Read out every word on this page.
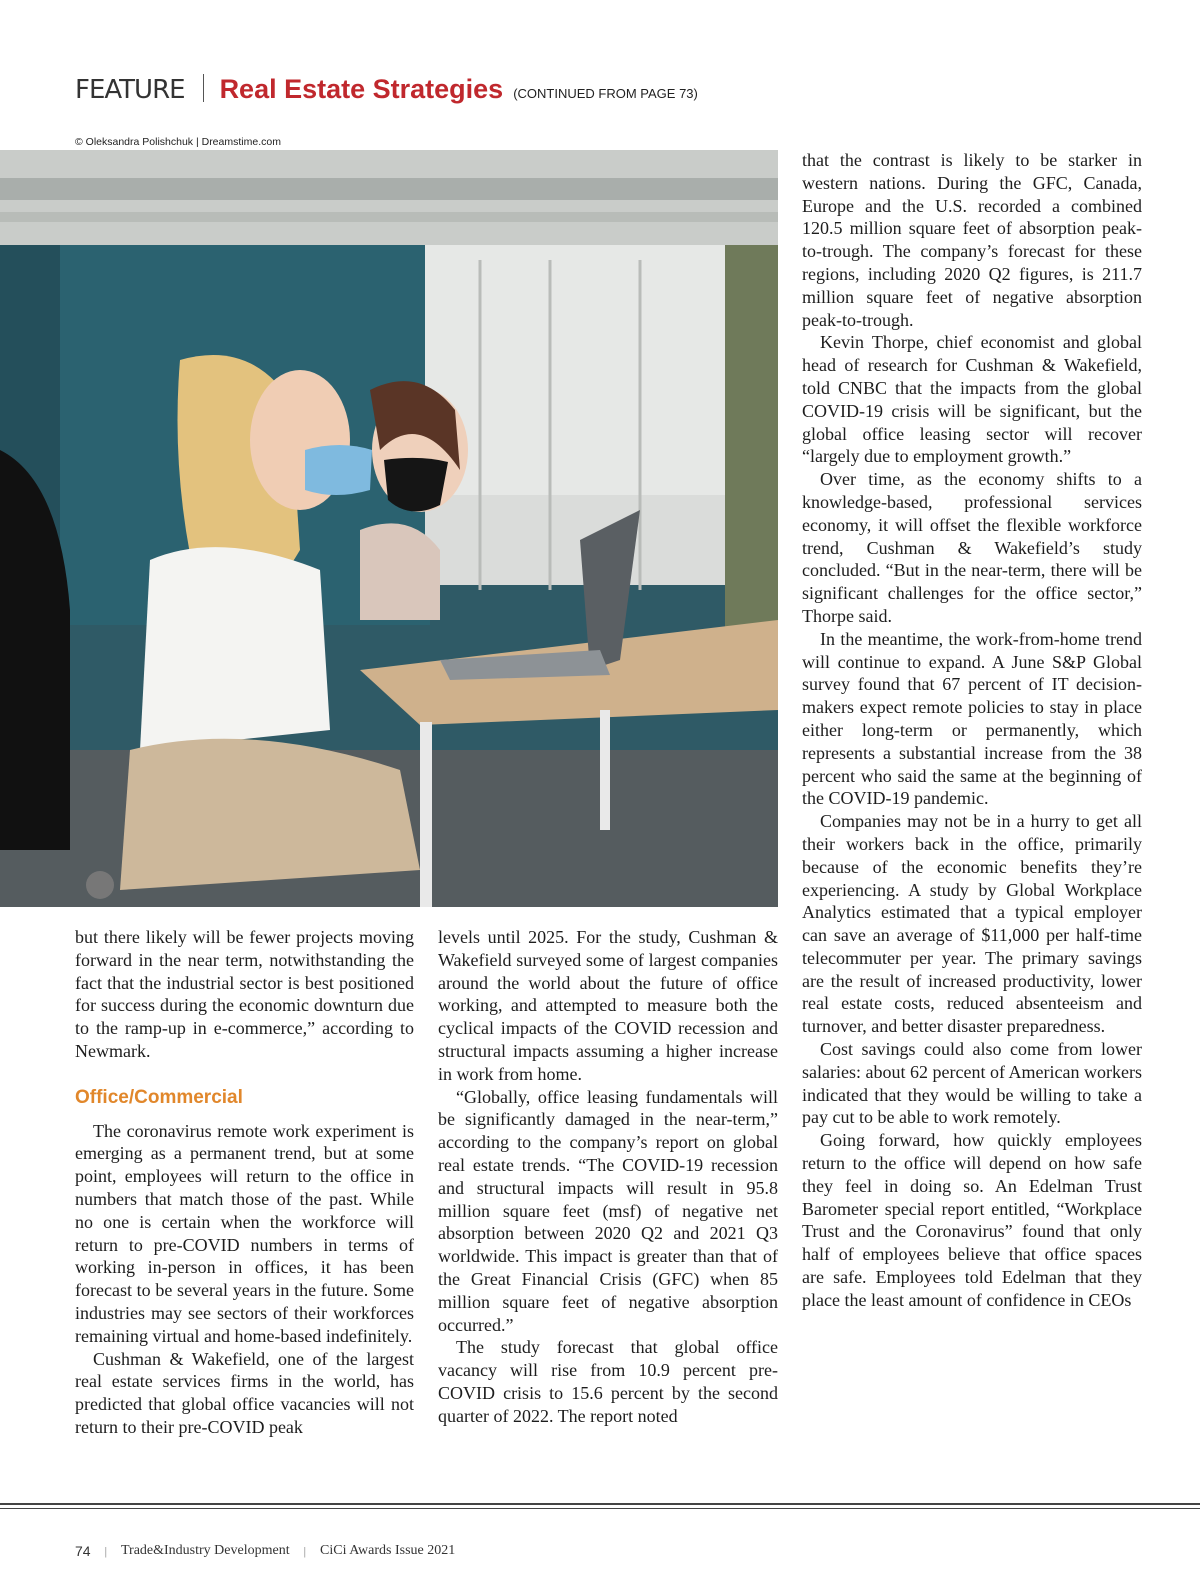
FEATURE Real Estate Strategies (CONTINUED FROM PAGE 73)
© Oleksandra Polishchuk | Dreamstime.com

but there likely will be fewer projects moving forward in the near term, notwithstanding the fact that the industrial sector is best positioned for success during the economic downturn due to the ramp-up in e-commerce,” according to Newmark.

Office/Commercial

The coronavirus remote work experiment is emerging as a permanent trend, but at some point, employees will return to the office in numbers that match those of the past. While no one is certain when the workforce will return to pre-COVID numbers in terms of working in-person in offices, it has been forecast to be several years in the future. Some industries may see sectors of their workforces remaining virtual and home-based indefinitely.

Cushman & Wakefield, one of the largest real estate services firms in the world, has predicted that global office vacancies will not return to their pre-COVID peak

levels until 2025. For the study, Cushman & Wakefield surveyed some of largest companies around the world about the future of office working, and attempted to measure both the cyclical impacts of the COVID recession and structural impacts assuming a higher increase in work from home.

“Globally, office leasing fundamentals will be significantly damaged in the near-term,” according to the company’s report on global real estate trends. “The COVID-19 recession and structural impacts will result in 95.8 million square feet (msf) of negative net absorption between 2020 Q2 and 2021 Q3 worldwide. This impact is greater than that of the Great Financial Crisis (GFC) when 85 million square feet of negative absorption occurred.”

The study forecast that global office vacancy will rise from 10.9 percent pre-COVID crisis to 15.6 percent by the second quarter of 2022. The report noted

that the contrast is likely to be starker in western nations. During the GFC, Canada, Europe and the U.S. recorded a combined 120.5 million square feet of absorption peak-to-trough. The company’s forecast for these regions, including 2020 Q2 figures, is 211.7 million square feet of negative absorption peak-to-trough.

Kevin Thorpe, chief economist and global head of research for Cushman & Wakefield, told CNBC that the impacts from the global COVID-19 crisis will be significant, but the global office leasing sector will recover “largely due to employment growth.”

Over time, as the economy shifts to a knowledge-based, professional services economy, it will offset the flexible workforce trend, Cushman & Wakefield’s study concluded. “But in the near-term, there will be significant challenges for the office sector,” Thorpe said.

In the meantime, the work-from-home trend will continue to expand. A June S&P Global survey found that 67 percent of IT decision-makers expect remote policies to stay in place either long-term or permanently, which represents a substantial increase from the 38 percent who said the same at the beginning of the COVID-19 pandemic.

Companies may not be in a hurry to get all their workers back in the office, primarily because of the economic benefits they’re experiencing. A study by Global Workplace Analytics estimated that a typical employer can save an average of $11,000 per half-time telecommuter per year. The primary savings are the result of increased productivity, lower real estate costs, reduced absenteeism and turnover, and better disaster preparedness.

Cost savings could also come from lower salaries: about 62 percent of American workers indicated that they would be willing to take a pay cut to be able to work remotely.

Going forward, how quickly employees return to the office will depend on how safe they feel in doing so. An Edelman Trust Barometer special report entitled, “Workplace Trust and the Coronavirus” found that only half of employees believe that office spaces are safe. Employees told Edelman that they place the least amount of confidence in CEOs

74 | Trade&Industry Development | CiCi Awards Issue 2021
